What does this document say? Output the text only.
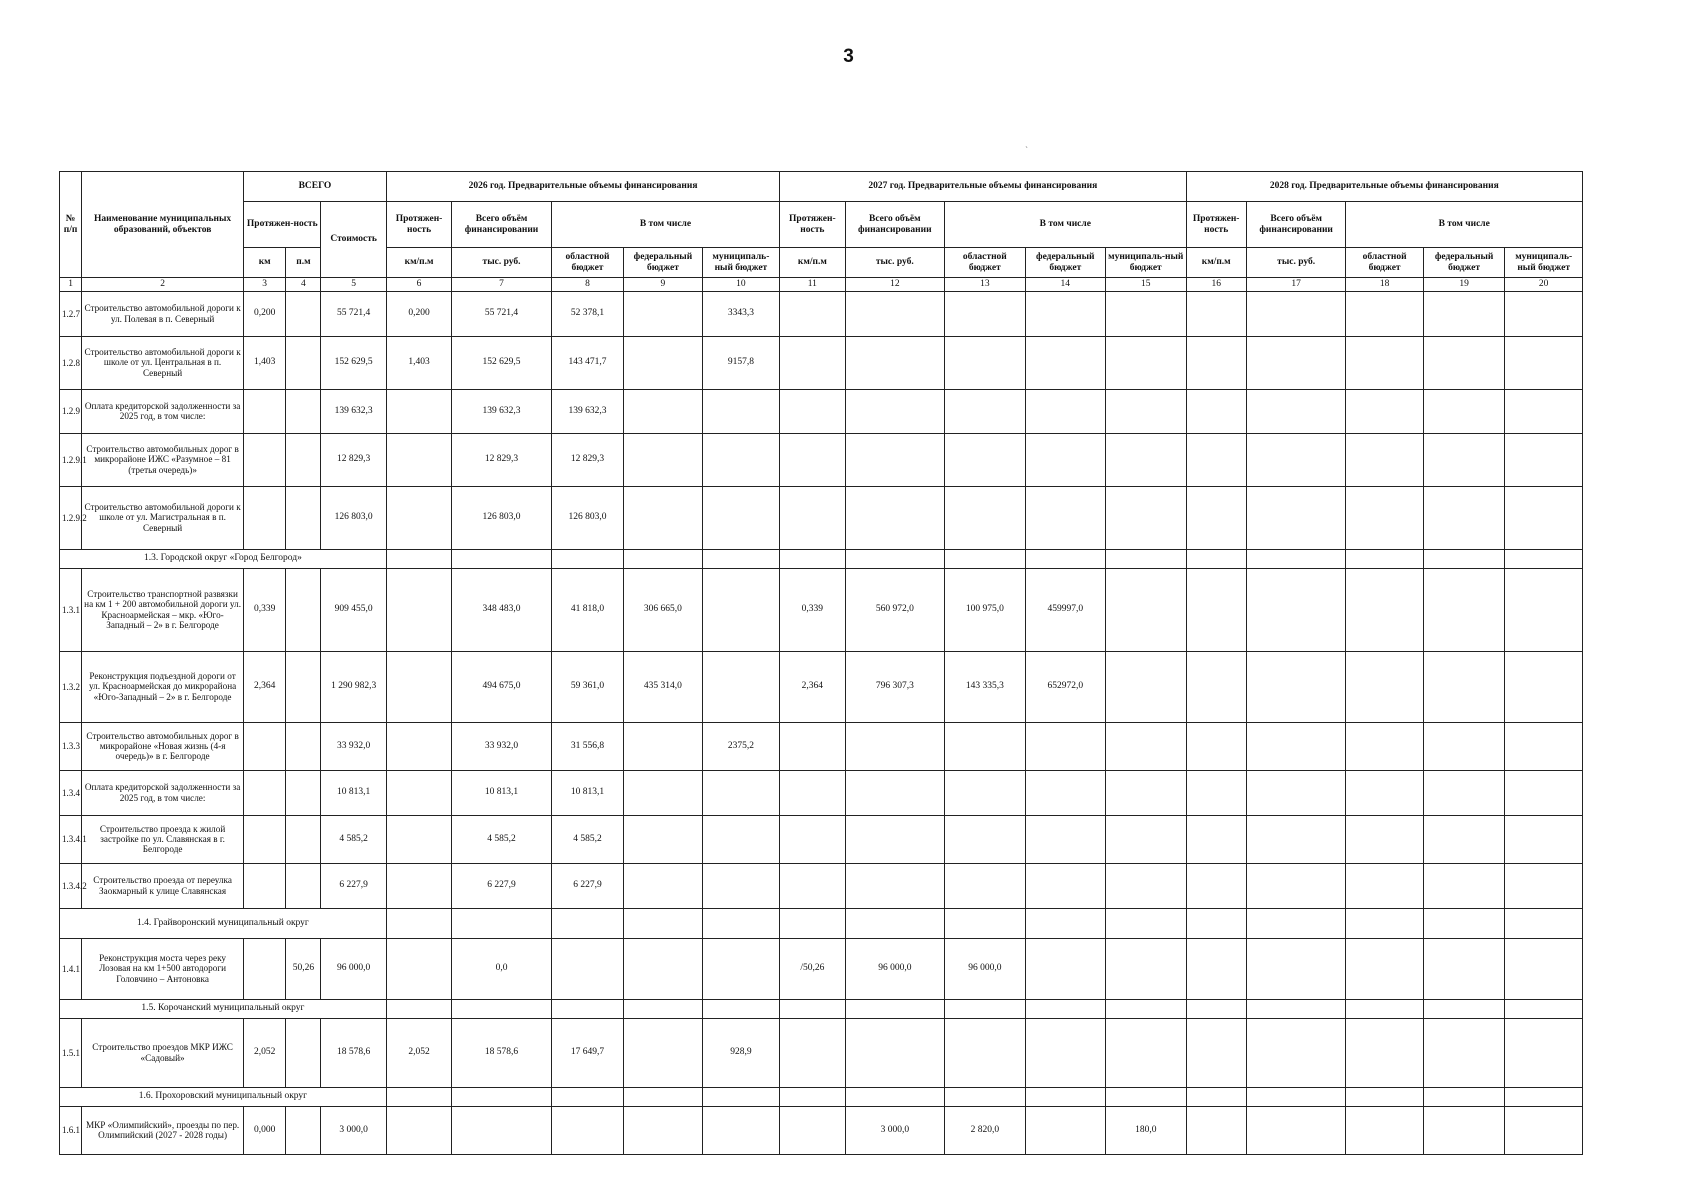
3
№ п/п	Наименование муниципальных образований, объектов	ВСЕГО			2026 год. Предварительные объемы финансирования					2027 год. Предварительные объемы финансирования					2028 год. Предварительные объемы финансирования				
		Протяжен-ность		Стоимость	Протяжен-ность	Всего объём финансировании	В том числе			Протяжен-ность	Всего объём финансировании	В том числе			Протяжен-ность	Всего объём финансировании	В том числе		
		км	п.м		км/п.м	тыс. руб.	областной бюджет	федеральный бюджет	муниципаль-ный бюджет	км/п.м	тыс. руб.	областной бюджет	федеральный бюджет	муниципаль-ный бюджет	км/п.м	тыс. руб.	областной бюджет	федеральный бюджет	муниципаль-ный бюджет
1	2	3	4	5	6	7	8	9	10	11	12	13	14	15	16	17	18	19	20
1.2.7	Строительство автомобильной дороги к ул. Полевая в п. Северный	0,200		55 721,4	0,200	55 721,4	52 378,1		3343,3										
1.2.8	Строительство автомобильной дороги к школе от ул. Центральная в п. Северный	1,403		152 629,5	1,403	152 629,5	143 471,7		9157,8										
1.2.9	Оплата кредиторской задолженности за 2025 год, в том числе:			139 632,3		139 632,3	139 632,3												
1.2.9.1	Строительство автомобильных дорог в микрорайоне ИЖС «Разумное – 81 (третья очередь)»			12 829,3		12 829,3	12 829,3												
1.2.9.2	Строительство автомобильной дороги к школе от ул. Магистральная в п. Северный			126 803,0		126 803,0	126 803,0												
1.3. Городской округ «Город Белгород»																			
1.3.1	Строительство транспортной развязки на км 1 + 200 автомобильной дороги ул. Красноармейская – мкр. «Юго-Западный – 2» в г. Белгороде	0,339		909 455,0		348 483,0	41 818,0	306 665,0		0,339	560 972,0	100 975,0	459997,0						
1.3.2	Реконструкция подъездной дороги от ул. Красноармейская до микрорайона «Юго-Западный – 2» в г. Белгороде	2,364		1 290 982,3		494 675,0	59 361,0	435 314,0		2,364	796 307,3	143 335,3	652972,0						
1.3.3	Строительство автомобильных дорог в микрорайоне «Новая жизнь (4-я очередь)» в г. Белгороде			33 932,0		33 932,0	31 556,8		2375,2										
1.3.4	Оплата кредиторской задолженности за 2025 год, в том числе:			10 813,1		10 813,1	10 813,1												
1.3.4.1	Строительство проезда к жилой застройке по ул. Славянская в г. Белгороде			4 585,2		4 585,2	4 585,2												
1.3.4.2	Строительство проезда от переулка Заокмарный к улице Славянская			6 227,9		6 227,9	6 227,9												
1.4. Грайворонский муниципальный округ																			
1.4.1	Реконструкция моста через реку Лозовая на км 1+500 автодороги Головчино – Антоновка		50,26	96 000,0		0,0				/50,26	96 000,0	96 000,0							
1.5. Корочанский муниципальный округ																			
1.5.1	Строительство проездов МКР ИЖС «Садовый»	2,052		18 578,6	2,052	18 578,6	17 649,7		928,9										
1.6. Прохоровский муниципальный округ																			
1.6.1	МКР «Олимпийский», проезды по пер. Олимпийский (2027 - 2028 годы)	0,000		3 000,0							3 000,0	2 820,0		180,0					
ˋ
